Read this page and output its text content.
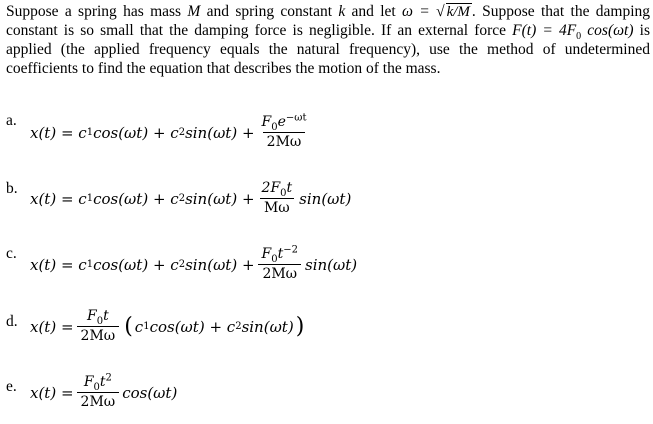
Suppose a spring has mass M and spring constant k and let ω = √ k/M . Suppose that the damping constant is so small that the damping force is negligible. If an external force $F(t) = 4F_0$ cos(ωt) is applied (the applied frequency equals the natural frequency), use the method of undetermined coefficients to find the equation that describes the motion of the mass.
a.
x(t) = c 1 cos(ωt) + c 2 $\sin(\omega t) + \frac{F_0e^{-\omega t}}{2M\omega}$
b.
x(t) = c 1 cos(ωt) + c 2 $\sin(\omega t) + \frac{2F_0t}{M\omega} \sin(\omega t)$
c.
x(t) = c 1 cos(ωt) + c 2 $\sin(\omega t) + \frac{F_0t^{-2}}{2M\omega} \sin(\omega t)$
d. $x(t) = \frac{F_0t}{2M\omega}$ ( c 1 cos(ωt) + c 2 sin(ωt) )
e. $x(t) = \frac{F_0t^2}{2M\omega} \cos(\omega t)$
